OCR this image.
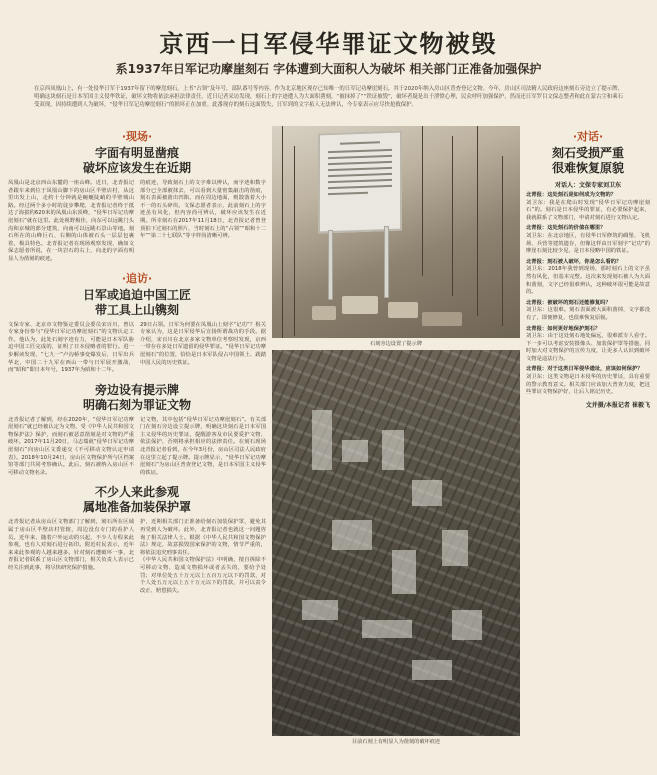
京西一日军侵华罪证文物被毁
系1937年日军记功摩崖刻石 字体遭到大面积人为破坏 相关部门正准备加强保护
在京西凤凰山上，有一处侵华日军于1937年留下的摩崖刻石，上书“占领”及年号，部队番号等内容。作为北京地区现存已知唯一的日军记功摩崖刻石，其于2020年纳入房山区普查登记文物。今年，房山区司法精人民政府这座刻石旁边立了提示牌，明确这块刻石是日本军国主义侵华铁证，破坏文物将依法承担法律责任。近日记者采访发现，刻石上的字迹遭人为大面积凿刻，“被抹掉了”“铁证被毁”，破坏者疑是出于泄愤心理，民众呼吁加强保护。然而还日军罗目文保志整者和此在蒙古尘和乘石受双现，因持续遭到人为破坏，“侵华日军记功摩崖刻石”的损坏正在加重。此番现存的刻石这面毁失，日军到的文字拓人无法辨认，今专家表示应尽快抢救保护。
·现场·
字面有明显凿痕
破坏应该发生在近期
凤凰山是北京西山东麓的一座山峰。近日，北青报记者跟车来到位于凤凰山脚下的房山区半壁店村，从这里出发上山，走约十分钟就是蜿蜒陡峭的半壁城山路。经过两个多小时的徒步攀爬，北青报记者终于抵达了海拔约620米的凤凰山东顶峰，“侵华日军记功摩崖刻石”就在这里。此处视野极佳，向东可以远眺门头沟和京城的部分建筑，向南可以远眺石景山等地。刻石所在的山峰巨石，右侧的山体被石头一层层包裹着，极具特色。北青报记者在现场观察发现，确如文保志愿者所说，在一块岩石的右上，向北的字面有明显人为凿刻的痕迹。
的痕迹，导致刻石上的文字难以辨认，而字迹和数字部分已全部被抹去，可以看到大量密集敲击的凿痕，刻石表面被凿出凹陷，而在周边地面，则散落着大小不一的石头碎块。文保志愿者表示，此前刻石上的字迹虽有风化，但内容尚可辨认，破坏应该发生在近期。所幸刻石在2017年11月18日，北青报记者曾登顶拍下过刻石的照片，当时刻石上的“占领”“昭和十二年”“第二十七联队”等字样尚清晰可辨。
·追访·
日军或追迫中国工匠
带工具上山镌刻
文保专家、北京市文物鉴定委员会委员宋百川，曾以专家身份参与“侵华日军记功摩崖刻石”的文物认定工作。他认为，此处石刻字迹有力，可能是日本军队胁迫中国工匠完成的，证明了日本侵略者的罪行。进一步解读发现，“七九一”卢沟桥事变爆发后，日军出兵华北，中国二十九军在西山一带与日军展开激战，而“昭和”即日本年号，1937年为昭和十二年。
29日占领。日军为何要在凤凰山上刻字“记功”？相关专家认为，这是日军侵华后宣扬所谓战功的手段。据介绍，宋百川在北京多家文物单位考察时发现，京西一带存在多处日军遗留的侵华罪证。“侵华日军记功摩崖刻石”的位置，恰恰是日本军队侵占中国领土、践踏中国人民的历史铁证。
旁边设有提示牌
明确石刻为罪证文物
北青报记者了解到，经在2020年，“侵华日军记功摩崖刻石”就已经被认定为文物，受《中华人民共和国文物保护法》保护，而刻石被恶意凿刻是对文物的严重破坏。2017年11月20日，马志瑞就“侵华日军记功摩崖刻石”向房山区文委递交《不可移动文物认定申请表》。2018年10月24日，房山区文物保护所与区档案馆等部门共同考察确认。此后，刻石被纳入房山区不可移动文物名录。
记文物，其中包括“侵华日军记功摩崖刻石”。有关部门在刻石旁边设立提示牌，明确这块刻石是日本军国主义侵华的历史罪证，提醒游客及市民要爱护文物、依法保护，否则将承担相应的法律责任。在刻石现场北青报记者看到，在今年3月份，房山区司法人民政府在这里立起了提示牌。提示牌显示，“侵华日军记功摩崖刻石”为房山区普查登记文物，是日本军国主义侵华的铁证。
不少人来此参观
属地准备加装保护罩
北青报记者从房山区文物部门了解到，刻石所在区域属于房山区半壁店村管辖，周边没有专门的看护人员。近年来，随着户外运动的兴起，不少人专程来此参观，也有人对刻石进行拓印。附近村民表示，近年来来此参观的人越来越多。针对刻石遭破坏一事，北青报记者联系了房山区文物部门，相关负责人表示已经关注到此事，将尽快研究保护措施。
护，近期相关部门正准备给刻石加装保护罩，避免其再受到人为破坏。此外，北青报记者也就这一问题咨询了相关法律人士。根据《中华人民共和国文物保护法》规定，故意损毁国家保护的文物，情节严重的，将依法追究刑事责任。
《中华人民共和国文物保护法》中明确，擅自拆除不可移动文物、造成文物损坏或者丢失的，要给予处罚；对单位处五十万元以上五百万元以下的罚款，对个人处五万元以上五十万元以下的罚款，并可以责令改正、赔偿损失。
石刻旁边设置了提示牌
目前石刻上有明显人为凿刻的破坏痕迹
·对话·
刻石受损严重
很难恢复原貌
对话人：文保专家刘卫东
北青报：这处刻石是如何成为文物的？
刘卫东：我是在爬山时发现“侵华日军记功摩崖刻石”的。刻石是日本侵华的罪证，有必要保护起来，我就联系了文物部门，申请对刻石进行文物认定。
北青报：这处刻石的价值在哪里？
刘卫东：在北京地区，有侵华日军修筑的碉堡、飞机场、兵营等建筑遗存，但像这样由日军刻字“记功”的摩崖石刻比较少见，是日本侵略中国的铁证。
北青报：刻石被人破坏，你是怎么看的？
刘卫东：2018年我曾到现场，那时刻石上的文字虽然有风化，但基本完整。这次来发现刻石被人为大面积凿刻，文字已经很难辨认，这种破坏很可能是故意的。
北青报：被破坏的刻石还能修复吗？
刘卫东：这很难。刻石表面被大面积凿掉，文字都没有了，即便修复，也很难恢复原貌。
北青报：如何更好地保护刻石？
刘卫东：由于这处刻石地处偏远，很难派专人看守。下一步可以考虑安装摄像头、加装保护罩等措施，同时加大对文物保护的宣传力度，让更多人认识到破坏文物是违法行为。
北青报：对于这类日军侵华遗址，应该如何保护？
刘卫东：这类文物是日本侵华的历史罪证，具有重要的警示教育意义。相关部门应该加大普查力度，把这些罪证文物保护好，让后人铭记历史。
文并摄/本报记者 崔毅飞
